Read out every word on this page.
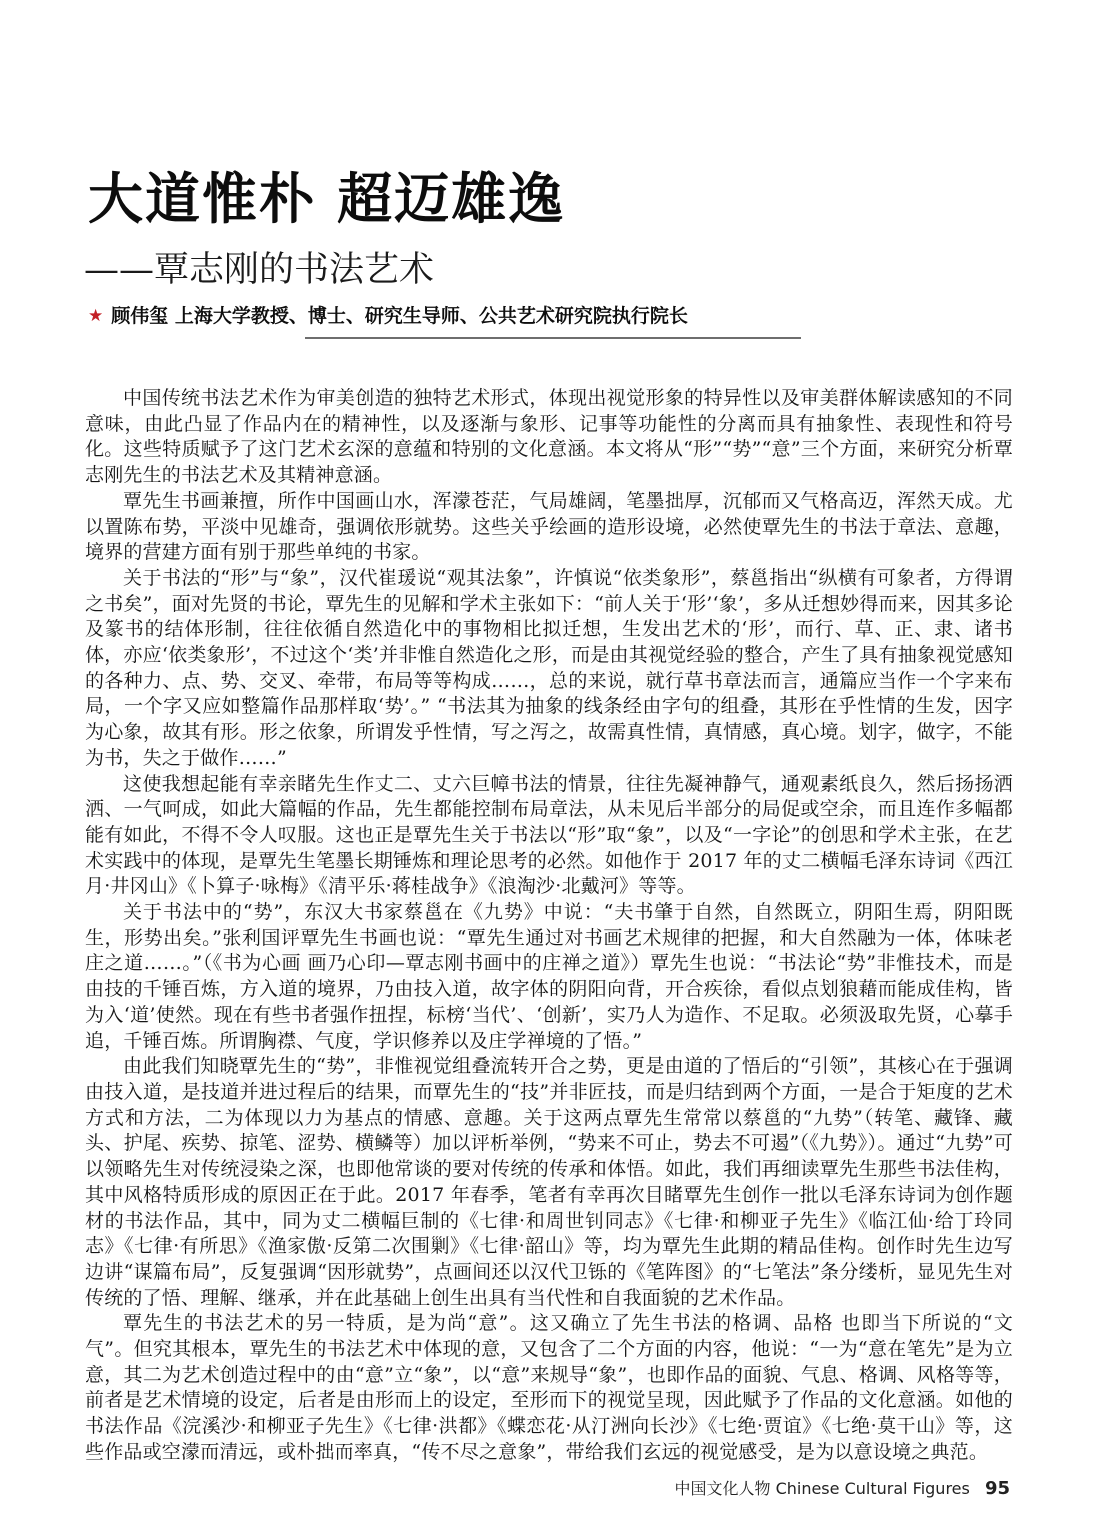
大道惟朴 超迈雄逸
——覃志刚的书法艺术
★ 顾伟玺 上海大学教授、博士、研究生导师、公共艺术研究院执行院长

中国传统书法艺术作为审美创造的独特艺术形式，体现出视觉形象的特异性以及审美群体解读感知的不同意味，由此凸显了作品内在的精神性，以及逐渐与象形、记事等功能性的分离而具有抽象性、表现性和符号化。这些特质赋予了这门艺术玄深的意蕴和特别的文化意涵。本文将从“形”“势”“意”三个方面，来研究分析覃志刚先生的书法艺术及其精神意涵。

覃先生书画兼擅，所作中国画山水，浑濛苍茫，气局雄阔，笔墨拙厚，沉郁而又气格高迈，浑然天成。尤以置陈布势，平淡中见雄奇，强调依形就势。这些关乎绘画的造形设境，必然使覃先生的书法于章法、意趣，境界的营建方面有别于那些单纯的书家。

关于书法的“形”与“象”，汉代崔瑗说“观其法象”，许慎说“依类象形”，蔡邕指出“纵横有可象者，方得谓之书矣”，面对先贤的书论，覃先生的见解和学术主张如下：“前人关于‘形’‘象’，多从迁想妙得而来，因其多论及篆书的结体形制，往往依循自然造化中的事物相比拟迁想，生发出艺术的‘形’，而行、草、正、隶、诸书体，亦应‘依类象形’，不过这个‘类’并非惟自然造化之形，而是由其视觉经验的整合，产生了具有抽象视觉感知的各种力、点、势、交叉、牵带，布局等等构成……，总的来说，就行草书章法而言，通篇应当作一个字来布局，一个字又应如整篇作品那样取‘势’。” “书法其为抽象的线条经由字句的组叠，其形在乎性情的生发，因字为心象，故其有形。形之依象，所谓发乎性情，写之泻之，故需真性情，真情感，真心境。划字，做字，不能为书，失之于做作……”

这使我想起能有幸亲睹先生作丈二、丈六巨幛书法的情景，往往先凝神静气，通观素纸良久，然后扬扬洒洒、一气呵成，如此大篇幅的作品，先生都能控制布局章法，从未见后半部分的局促或空余，而且连作多幅都能有如此，不得不令人叹服。这也正是覃先生关于书法以“形”取“象”，以及“一字论”的创思和学术主张，在艺术实践中的体现，是覃先生笔墨长期锤炼和理论思考的必然。如他作于 2017 年的丈二横幅毛泽东诗词《西江月·井冈山》《卜算子·咏梅》《清平乐·蒋桂战争》《浪淘沙·北戴河》等等。

关于书法中的“势”，东汉大书家蔡邕在《九势》中说：“夫书肇于自然，自然既立，阴阳生焉，阴阳既生，形势出矣。”张利国评覃先生书画也说：“覃先生通过对书画艺术规律的把握，和大自然融为一体，体味老庄之道……。”（《书为心画 画乃心印—覃志刚书画中的庄禅之道》）覃先生也说：“书法论“势”非惟技术，而是由技的千锤百炼，方入道的境界，乃由技入道，故字体的阴阳向背，开合疾徐，看似点划狼藉而能成佳构，皆为入‘道’使然。现在有些书者强作扭捏，标榜‘当代’、‘创新’，实乃人为造作、不足取。必须汲取先贤，心摹手追，千锤百炼。所谓胸襟、气度，学识修养以及庄学禅境的了悟。”

由此我们知晓覃先生的“势”，非惟视觉组叠流转开合之势，更是由道的了悟后的“引领”，其核心在于强调由技入道，是技道并进过程后的结果，而覃先生的“技”并非匠技，而是归结到两个方面，一是合于矩度的艺术方式和方法，二为体现以力为基点的情感、意趣。关于这两点覃先生常常以蔡邕的“九势”（转笔、藏锋、藏头、护尾、疾势、掠笔、涩势、横鳞等）加以评析举例，“势来不可止，势去不可遏”（《九势》）。通过“九势”可以领略先生对传统浸染之深，也即他常谈的要对传统的传承和体悟。如此，我们再细读覃先生那些书法佳构，其中风格特质形成的原因正在于此。2017 年春季，笔者有幸再次目睹覃先生创作一批以毛泽东诗词为创作题材的书法作品，其中，同为丈二横幅巨制的《七律·和周世钊同志》《七律·和柳亚子先生》《临江仙·给丁玲同志》《七律·有所思》《渔家傲·反第二次围剿》《七律·韶山》等，均为覃先生此期的精品佳构。创作时先生边写边讲“谋篇布局”，反复强调“因形就势”，点画间还以汉代卫铄的《笔阵图》的“七笔法”条分缕析，显见先生对传统的了悟、理解、继承，并在此基础上创生出具有当代性和自我面貌的艺术作品。

覃先生的书法艺术的另一特质，是为尚“意”。这又确立了先生书法的格调、品格 也即当下所说的“文气”。但究其根本，覃先生的书法艺术中体现的意，又包含了二个方面的内容，他说：“一为“意在笔先”是为立意，其二为艺术创造过程中的由“意”立“象”，以“意”来规导“象”，也即作品的面貌、气息、格调、风格等等，前者是艺术情境的设定，后者是由形而上的设定，至形而下的视觉呈现，因此赋予了作品的文化意涵。如他的书法作品《浣溪沙·和柳亚子先生》《七律·洪都》《蝶恋花·从汀洲向长沙》《七绝·贾谊》《七绝·莫干山》等，这些作品或空濛而清远，或朴拙而率真，“传不尽之意象”，带给我们玄远的视觉感受，是为以意设境之典范。

中国文化人物 Chinese Cultural Figures 95
